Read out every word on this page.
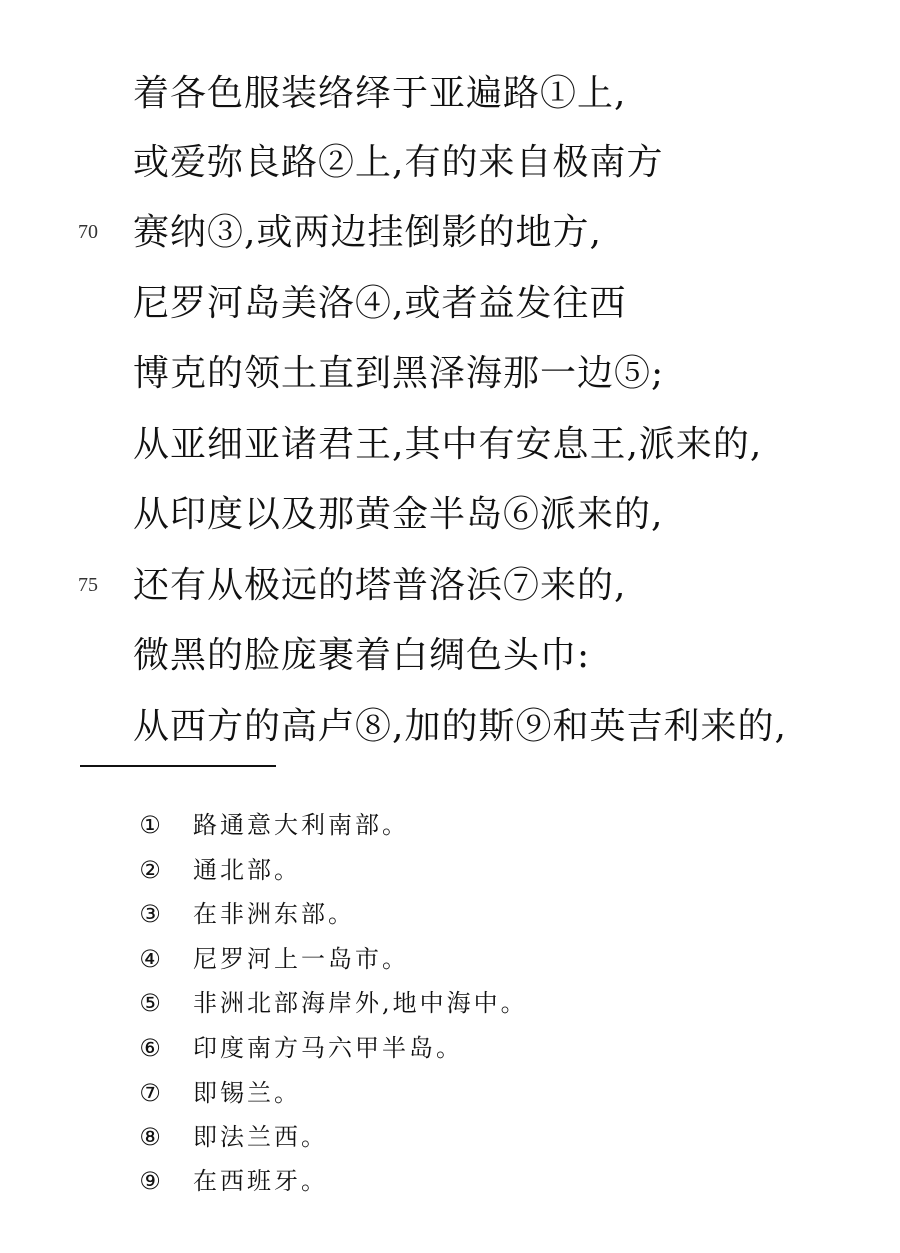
着各色服装络绎于亚遍路①上,
或爱弥良路②上,有的来自极南方
70 赛纳③,或两边挂倒影的地方,
尼罗河岛美洛④,或者益发往西
博克的领土直到黑泽海那一边⑤;
从亚细亚诸君王,其中有安息王,派来的,
从印度以及那黄金半岛⑥派来的,
75 还有从极远的塔普洛浜⑦来的,
微黑的脸庞裹着白绸色头巾:
从西方的高卢⑧,加的斯⑨和英吉利来的,
① 路通意大利南部。
② 通北部。
③ 在非洲东部。
④ 尼罗河上一岛市。
⑤ 非洲北部海岸外,地中海中。
⑥ 印度南方马六甲半岛。
⑦ 即锡兰。
⑧ 即法兰西。
⑨ 在西班牙。
